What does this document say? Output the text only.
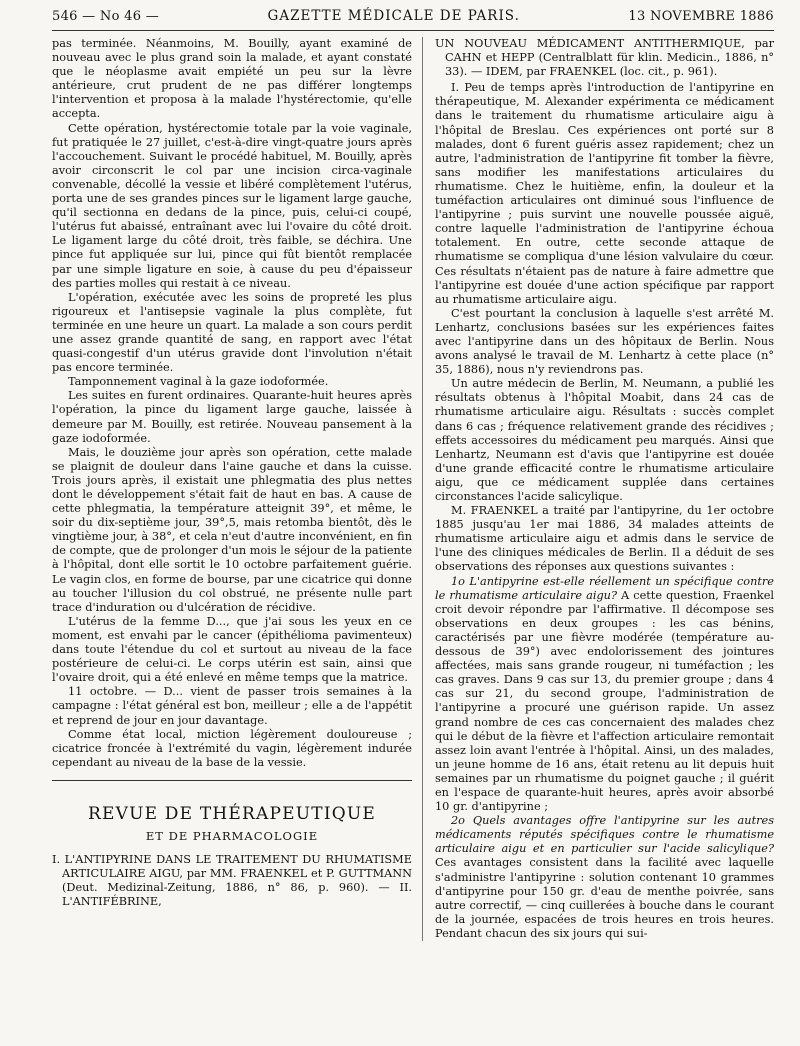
546 — No 46 —	GAZETTE MÉDICALE DE PARIS.	13 NOVEMBRE 1886

pas terminée. Néanmoins, M. Bouilly, ayant examiné de nouveau avec le plus grand soin la malade, et ayant constaté que le néoplasme avait empiété un peu sur la lèvre antérieure, crut prudent de ne pas différer longtemps l'intervention et proposa à la malade l'hystérectomie, qu'elle accepta.

Cette opération, hystérectomie totale par la voie vaginale, fut pratiquée le 27 juillet, c'est-à-dire vingt-quatre jours après l'accouchement. Suivant le procédé habituel, M. Bouilly, après avoir circonscrit le col par une incision circa-vaginale convenable, décollé la vessie et libéré complètement l'utérus, porta une de ses grandes pinces sur le ligament large gauche, qu'il sectionna en dedans de la pince, puis, celui-ci coupé, l'utérus fut abaissé, entraînant avec lui l'ovaire du côté droit. Le ligament large du côté droit, très faible, se déchira. Une pince fut appliquée sur lui, pince qui fût bientôt remplacée par une simple ligature en soie, à cause du peu d'épaisseur des parties molles qui restait à ce niveau.

L'opération, exécutée avec les soins de propreté les plus rigoureux et l'antisepsie vaginale la plus complète, fut terminée en une heure un quart. La malade a son cours perdit une assez grande quantité de sang, en rapport avec l'état quasi-congestif d'un utérus gravide dont l'involution n'était pas encore terminée.

Tamponnement vaginal à la gaze iodoformée.

Les suites en furent ordinaires. Quarante-huit heures après l'opération, la pince du ligament large gauche, laissée à demeure par M. Bouilly, est retirée. Nouveau pansement à la gaze iodoformée.

Mais, le douzième jour après son opération, cette malade se plaignit de douleur dans l'aine gauche et dans la cuisse. Trois jours après, il existait une phlegmatia des plus nettes dont le développement s'était fait de haut en bas. A cause de cette phlegmatia, la température atteignit 39°, et même, le soir du dix-septième jour, 39°,5, mais retomba bientôt, dès le vingtième jour, à 38°, et cela n'eut d'autre inconvénient, en fin de compte, que de prolonger d'un mois le séjour de la patiente à l'hôpital, dont elle sortit le 10 octobre parfaitement guérie. Le vagin clos, en forme de bourse, par une cicatrice qui donne au toucher l'illusion du col obstrué, ne présente nulle part trace d'induration ou d'ulcération de récidive.

L'utérus de la femme D..., que j'ai sous les yeux en ce moment, est envahi par le cancer (épithélioma pavimenteux) dans toute l'étendue du col et surtout au niveau de la face postérieure de celui-ci. Le corps utérin est sain, ainsi que l'ovaire droit, qui a été enlevé en même temps que la matrice.

11 octobre. — D... vient de passer trois semaines à la campagne : l'état général est bon, meilleur ; elle a de l'appétit et reprend de jour en jour davantage.

Comme état local, miction légèrement douloureuse ; cicatrice froncée à l'extrémité du vagin, légèrement indurée cependant au niveau de la base de la vessie.

REVUE DE THÉRAPEUTIQUE
ET DE PHARMACOLOGIE

I. L'ANTIPYRINE DANS LE TRAITEMENT DU RHUMATISME ARTICULAIRE AIGU, par MM. FRAENKEL et P. GUTTMANN (Deut. Medizinal-Zeitung, 1886, n° 86, p. 960). — II. L'ANTIFÉBRINE,

UN NOUVEAU MÉDICAMENT ANTITHERMIQUE, par CAHN et HEPP (Centralblatt für klin. Medicin., 1886, n° 33). — IDEM, par FRAENKEL (loc. cit., p. 961).

I. Peu de temps après l'introduction de l'antipyrine en thérapeutique, M. Alexander expérimenta ce médicament dans le traitement du rhumatisme articulaire aigu à l'hôpital de Breslau. Ces expériences ont porté sur 8 malades, dont 6 furent guéris assez rapidement; chez un autre, l'administration de l'antipyrine fit tomber la fièvre, sans modifier les manifestations articulaires du rhumatisme. Chez le huitième, enfin, la douleur et la tuméfaction articulaires ont diminué sous l'influence de l'antipyrine ; puis survint une nouvelle poussée aiguë, contre laquelle l'administration de l'antipyrine échoua totalement. En outre, cette seconde attaque de rhumatisme se compliqua d'une lésion valvulaire du cœur. Ces résultats n'étaient pas de nature à faire admettre que l'antipyrine est douée d'une action spécifique par rapport au rhumatisme articulaire aigu.

C'est pourtant la conclusion à laquelle s'est arrêté M. Lenhartz, conclusions basées sur les expériences faites avec l'antipyrine dans un des hôpitaux de Berlin. Nous avons analysé le travail de M. Lenhartz à cette place (n° 35, 1886), nous n'y reviendrons pas.

Un autre médecin de Berlin, M. Neumann, a publié les résultats obtenus à l'hôpital Moabit, dans 24 cas de rhumatisme articulaire aigu. Résultats : succès complet dans 6 cas ; fréquence relativement grande des récidives ; effets accessoires du médicament peu marqués. Ainsi que Lenhartz, Neumann est d'avis que l'antipyrine est douée d'une grande efficacité contre le rhumatisme articulaire aigu, que ce médicament supplée dans certaines circonstances l'acide salicylique.

M. FRAENKEL a traité par l'antipyrine, du 1er octobre 1885 jusqu'au 1er mai 1886, 34 malades atteints de rhumatisme articulaire aigu et admis dans le service de l'une des cliniques médicales de Berlin. Il a déduit de ses observations des réponses aux questions suivantes :

1o L'antipyrine est-elle réellement un spécifique contre le rhumatisme articulaire aigu? A cette question, Fraenkel croit devoir répondre par l'affirmative. Il décompose ses observations en deux groupes : les cas bénins, caractérisés par une fièvre modérée (température au-dessous de 39°) avec endolorissement des jointures affectées, mais sans grande rougeur, ni tuméfaction ; les cas graves. Dans 9 cas sur 13, du premier groupe ; dans 4 cas sur 21, du second groupe, l'administration de l'antipyrine a procuré une guérison rapide. Un assez grand nombre de ces cas concernaient des malades chez qui le début de la fièvre et l'affection articulaire remontait assez loin avant l'entrée à l'hôpital. Ainsi, un des malades, un jeune homme de 16 ans, était retenu au lit depuis huit semaines par un rhumatisme du poignet gauche ; il guérit en l'espace de quarante-huit heures, après avoir absorbé 10 gr. d'antipyrine ;

2o Quels avantages offre l'antipyrine sur les autres médicaments réputés spécifiques contre le rhumatisme articulaire aigu et en particulier sur l'acide salicylique? Ces avantages consistent dans la facilité avec laquelle s'administre l'antipyrine : solution contenant 10 grammes d'antipyrine pour 150 gr. d'eau de menthe poivrée, sans autre correctif, — cinq cuillerées à bouche dans le courant de la journée, espacées de trois heures en trois heures. Pendant chacun des six jours qui sui-
